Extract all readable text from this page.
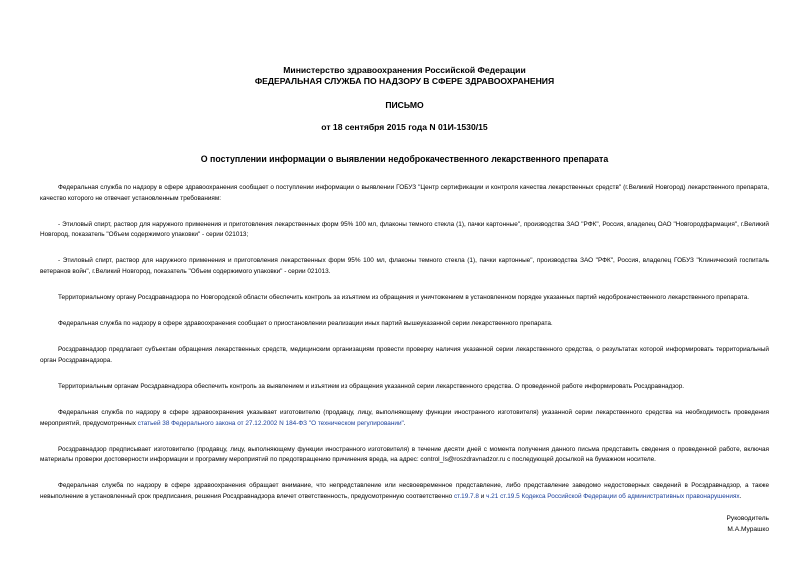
Министерство здравоохранения Российской Федерации
ФЕДЕРАЛЬНАЯ СЛУЖБА ПО НАДЗОРУ В СФЕРЕ ЗДРАВООХРАНЕНИЯ
ПИСЬМО
от 18 сентября 2015 года N 01И-1530/15
О поступлении информации о выявлении недоброкачественного лекарственного препарата

Федеральная служба по надзору в сфере здравоохранения сообщает о поступлении информации о выявлении ГОБУЗ "Центр сертификации и контроля качества лекарственных средств" (г.Великий Новгород) лекарственного препарата, качество которого не отвечает установленным требованиям:

- Этиловый спирт, раствор для наружного применения и приготовления лекарственных форм 95% 100 мл, флаконы темного стекла (1), пачки картонные", производства ЗАО "РФК", Россия, владелец ОАО "Новгородфармация", г.Великий Новгород, показатель "Объем содержимого упаковки" - серии 021013;

- Этиловый спирт, раствор для наружного применения и приготовления лекарственных форм 95% 100 мл, флаконы темного стекла (1), пачки картонные", производства ЗАО "РФК", Россия, владелец ГОБУЗ "Клинический госпиталь ветеранов войн", г.Великий Новгород, показатель "Объем содержимого упаковки" - серии 021013.

Территориальному органу Росздравнадзора по Новгородской области обеспечить контроль за изъятием из обращения и уничтожением в установленном порядке указанных партий недоброкачественного лекарственного препарата.

Федеральная служба по надзору в сфере здравоохранения сообщает о приостановлении реализации иных партий вышеуказанной серии лекарственного препарата.

Росздравнадзор предлагает субъектам обращения лекарственных средств, медицинским организациям провести проверку наличия указанной серии лекарственного средства, о результатах которой информировать территориальный орган Росздравнадзора.

Территориальным органам Росздравнадзора обеспечить контроль за выявлением и изъятием из обращения указанной серии лекарственного средства. О проведенной работе информировать Росздравнадзор.

Федеральная служба по надзору в сфере здравоохранения указывает изготовителю (продавцу, лицу, выполняющему функции иностранного изготовителя) указанной серии лекарственного средства на необходимость проведения мероприятий, предусмотренных статьей 38 Федерального закона от 27.12.2002 N 184-ФЗ "О техническом регулировании".

Росздравнадзор предписывает изготовителю (продавцу, лицу, выполняющему функции иностранного изготовителя) в течение десяти дней с момента получения данного письма представить сведения о проведенной работе, включая материалы проверки достоверности информации и программу мероприятий по предотвращению причинения вреда, на адрес: control_ls@roszdravnadzor.ru с последующей досылкой на бумажном носителе.

Федеральная служба по надзору в сфере здравоохранения обращает внимание, что непредставление или несвоевременное представление, либо представление заведомо недостоверных сведений в Росздравнадзор, а также невыполнение в установленный срок предписания, решения Росздравнадзора влечет ответственность, предусмотренную соответственно ст.19.7.8 и ч.21 ст.19.5 Кодекса Российской Федерации об административных правонарушениях.

Руководитель
М.А.Мурашко
